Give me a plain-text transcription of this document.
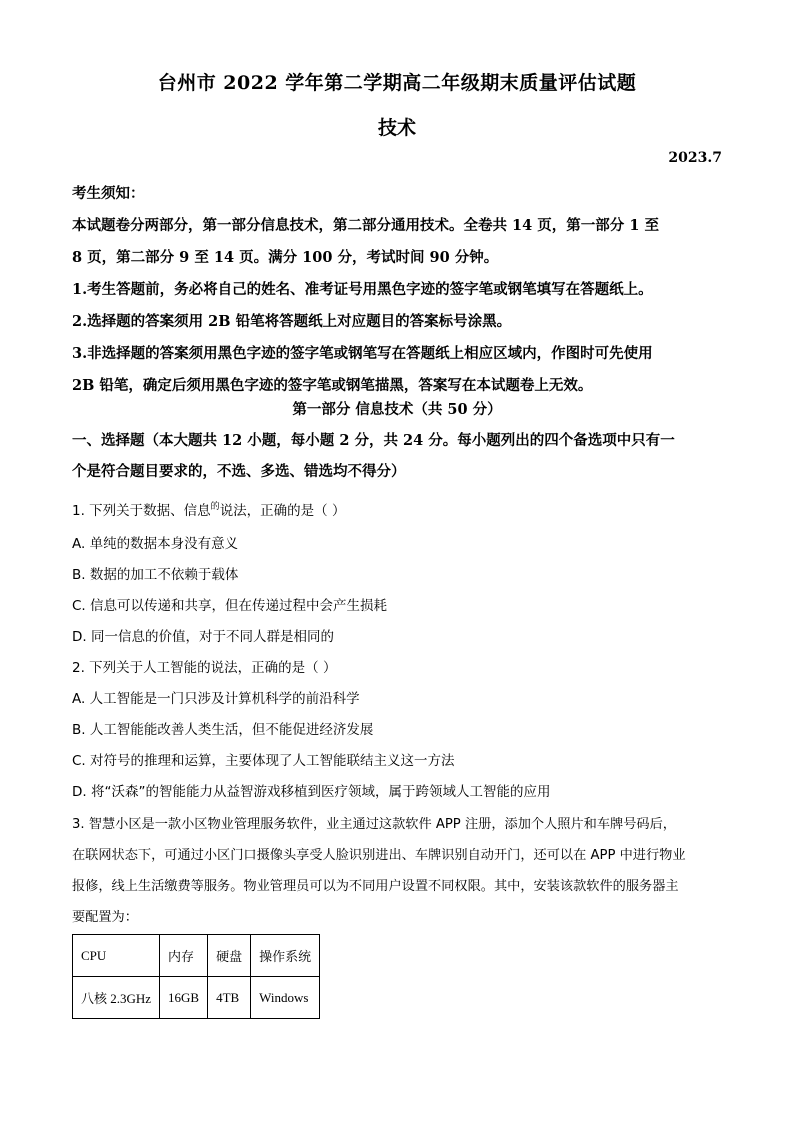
台州市 2022 学年第二学期高二年级期末质量评估试题
技术
2023.7

考生须知：

本试题卷分两部分，第一部分信息技术，第二部分通用技术。全卷共 14 页，第一部分 1 至

8 页，第二部分 9 至 14 页。满分 100 分，考试时间 90 分钟。

1.考生答题前，务必将自己的姓名、准考证号用黑色字迹的签字笔或钢笔填写在答题纸上。

2.选择题的答案须用 2B 铅笔将答题纸上对应题目的答案标号涂黑。

3.非选择题的答案须用黑色字迹的签字笔或钢笔写在答题纸上相应区域内，作图时可先使用

2B 铅笔，确定后须用黑色字迹的签字笔或钢笔描黑，答案写在本试题卷上无效。

第一部分 信息技术（共 50 分）
一、选择题（本大题共 12 小题，每小题 2 分，共 24 分。每小题列出的四个备选项中只有一
个是符合题目要求的，不选、多选、错选均不得分）

1. 下列关于数据、信息$^的$说法，正确的是（ ）

A. 单纯的数据本身没有意义

B. 数据的加工不依赖于载体

C. 信息可以传递和共享，但在传递过程中会产生损耗

D. 同一信息的价值，对于不同人群是相同的

2. 下列关于人工智能的说法，正确的是（ ）

A. 人工智能是一门只涉及计算机科学的前沿科学

B. 人工智能能改善人类生活，但不能促进经济发展

C. 对符号的推理和运算，主要体现了人工智能联结主义这一方法

D. 将“沃森”的智能能力从益智游戏移植到医疗领域，属于跨领域人工智能的应用

3. 智慧小区是一款小区物业管理服务软件，业主通过这款软件 APP 注册，添加个人照片和车牌号码后，

在联网状态下，可通过小区门口摄像头享受人脸识别进出、车牌识别自动开门，还可以在 APP 中进行物业

报修，线上生活缴费等服务。物业管理员可以为不同用户设置不同权限。其中，安装该款软件的服务器主

要配置为：

CPU	内存	硬盘	操作系统
八核 2.3GHz	16GB	4TB	Windows
